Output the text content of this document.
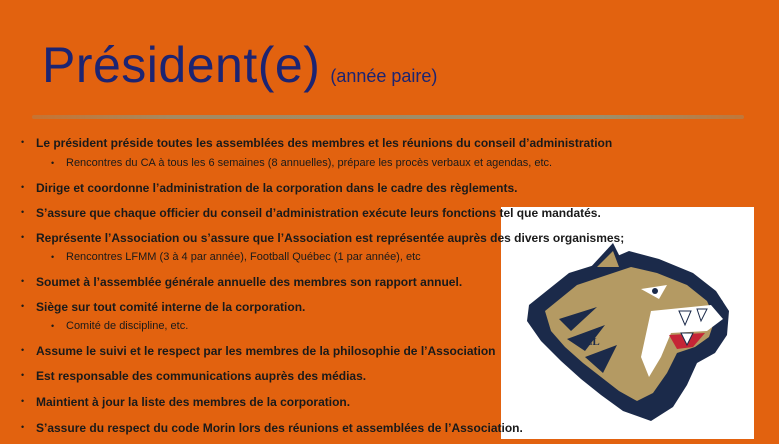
Président(e) (année paire)
LL
• Le président préside toutes les assemblées des membres et les réunions du conseil d’administration
• Rencontres du CA à tous les 6 semaines (8 annuelles), prépare les procès verbaux et agendas, etc.
• Dirige et coordonne l’administration de la corporation dans le cadre des règlements.
• S’assure que chaque officier du conseil d’administration exécute leurs fonctions tel que mandatés.
• Représente l’Association ou s’assure que l’Association est représentée auprès des divers organismes;
• Rencontres LFMM (3 à 4 par année), Football Québec (1 par année), etc
• Soumet à l’assemblée générale annuelle des membres son rapport annuel.
• Siège sur tout comité interne de la corporation.
• Comité de discipline, etc.
• Assume le suivi et le respect par les membres de la philosophie de l’Association
• Est responsable des communications auprès des médias.
• Maintient à jour la liste des membres de la corporation.
• S’assure du respect du code Morin lors des réunions et assemblées de l’Association.
